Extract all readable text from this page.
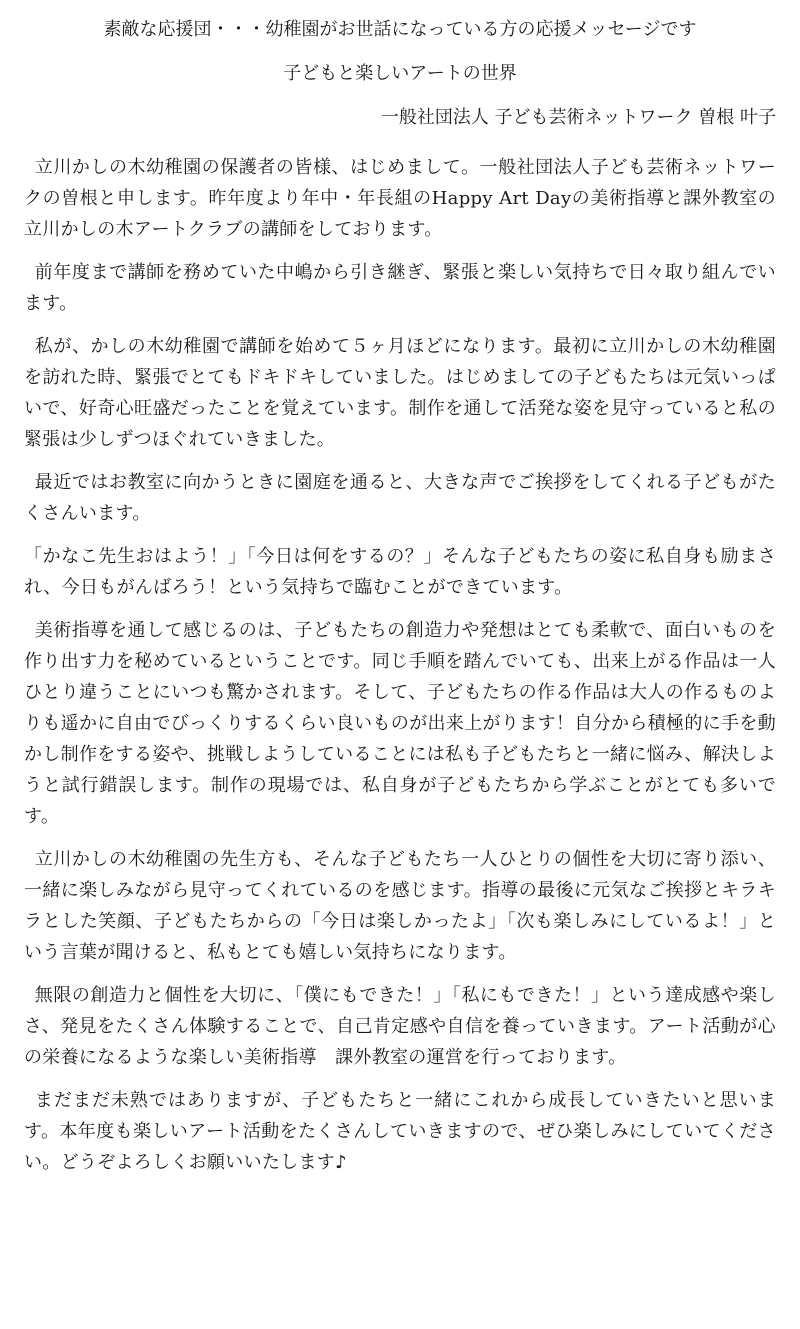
素敵な応援団・・・幼稚園がお世話になっている方の応援メッセージです

子どもと楽しいアートの世界

一般社団法人 子ども芸術ネットワーク 曽根 叶子

立川かしの木幼稚園の保護者の皆様、はじめまして。一般社団法人子ども芸術ネットワークの曽根と申します。昨年度より年中・年長組のHappy Art Dayの美術指導と課外教室の立川かしの木アートクラブの講師をしております。

前年度まで講師を務めていた中嶋から引き継ぎ、緊張と楽しい気持ちで日々取り組んでいます。

私が、かしの木幼稚園で講師を始めて５ヶ月ほどになります。最初に立川かしの木幼稚園を訪れた時、緊張でとてもドキドキしていました。はじめましての子どもたちは元気いっぱいで、好奇心旺盛だったことを覚えています。制作を通して活発な姿を見守っていると私の緊張は少しずつほぐれていきました。

最近ではお教室に向かうときに園庭を通ると、大きな声でご挨拶をしてくれる子どもがたくさんいます。

「かなこ先生おはよう！」「今日は何をするの？」そんな子どもたちの姿に私自身も励まされ、今日もがんばろう！という気持ちで臨むことができています。

美術指導を通して感じるのは、子どもたちの創造力や発想はとても柔軟で、面白いものを作り出す力を秘めているということです。同じ手順を踏んでいても、出来上がる作品は一人ひとり違うことにいつも驚かされます。そして、子どもたちの作る作品は大人の作るものよりも遥かに自由でびっくりするくらい良いものが出来上がります！自分から積極的に手を動かし制作をする姿や、挑戦しようしていることには私も子どもたちと一緒に悩み、解決しようと試行錯誤します。制作の現場では、私自身が子どもたちから学ぶことがとても多いです。

立川かしの木幼稚園の先生方も、そんな子どもたち一人ひとりの個性を大切に寄り添い、一緒に楽しみながら見守ってくれているのを感じます。指導の最後に元気なご挨拶とキラキラとした笑顔、子どもたちからの「今日は楽しかったよ」「次も楽しみにしているよ！」という言葉が聞けると、私もとても嬉しい気持ちになります。

無限の創造力と個性を大切に、「僕にもできた！」「私にもできた！」という達成感や楽しさ、発見をたくさん体験することで、自己肯定感や自信を養っていきます。アート活動が心の栄養になるような楽しい美術指導　課外教室の運営を行っております。

まだまだ未熟ではありますが、子どもたちと一緒にこれから成長していきたいと思います。本年度も楽しいアート活動をたくさんしていきますので、ぜひ楽しみにしていてください。どうぞよろしくお願いいたします♪
